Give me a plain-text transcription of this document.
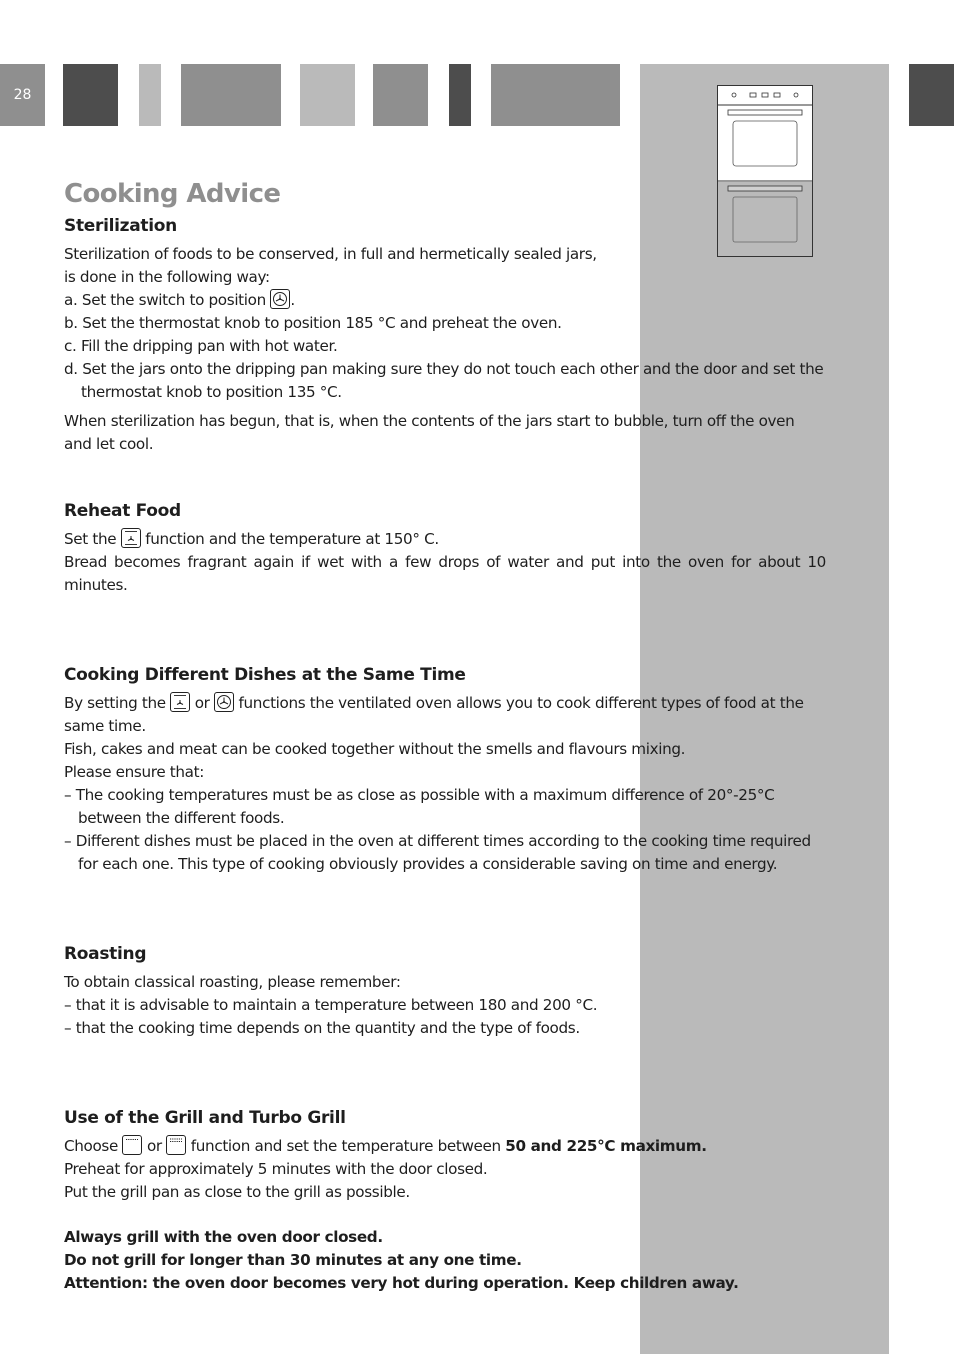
28
Cooking Advice
Sterilization

Sterilization of foods to be conserved, in full and hermetically sealed jars,

is done in the following way:

a. Set the switch to position .

b. Set the thermostat knob to position 185 °C and preheat the oven.

c. Fill the dripping pan with hot water.

d. Set the jars onto the dripping pan making sure they do not touch each other and the door and set the thermostat knob to position 135 °C.

When sterilization has begun, that is, when the contents of the jars start to bubble, turn off the oven and let cool.

Reheat Food

Set the function and the temperature at 150° C.

Bread becomes fragrant again if wet with a few drops of water and put into the oven for about 10 minutes.

Cooking Different Dishes at the Same Time

By setting the or functions the ventilated oven allows you to cook different types of food at the same time.

Fish, cakes and meat can be cooked together without the smells and flavours mixing.

Please ensure that:

– The cooking temperatures must be as close as possible with a maximum difference of 20°-25°C between the different foods.

– Different dishes must be placed in the oven at different times according to the cooking time required for each one. This type of cooking obviously provides a considerable saving on time and energy.

Roasting

To obtain classical roasting, please remember:

– that it is advisable to maintain a temperature between 180 and 200 °C.

– that the cooking time depends on the quantity and the type of foods.

Use of the Grill and Turbo Grill

Choose or function and set the temperature between 50 and 225°C maximum.

Preheat for approximately 5 minutes with the door closed.

Put the grill pan as close to the grill as possible.

Always grill with the oven door closed.

Do not grill for longer than 30 minutes at any one time.

Attention: the oven door becomes very hot during operation. Keep children away.
